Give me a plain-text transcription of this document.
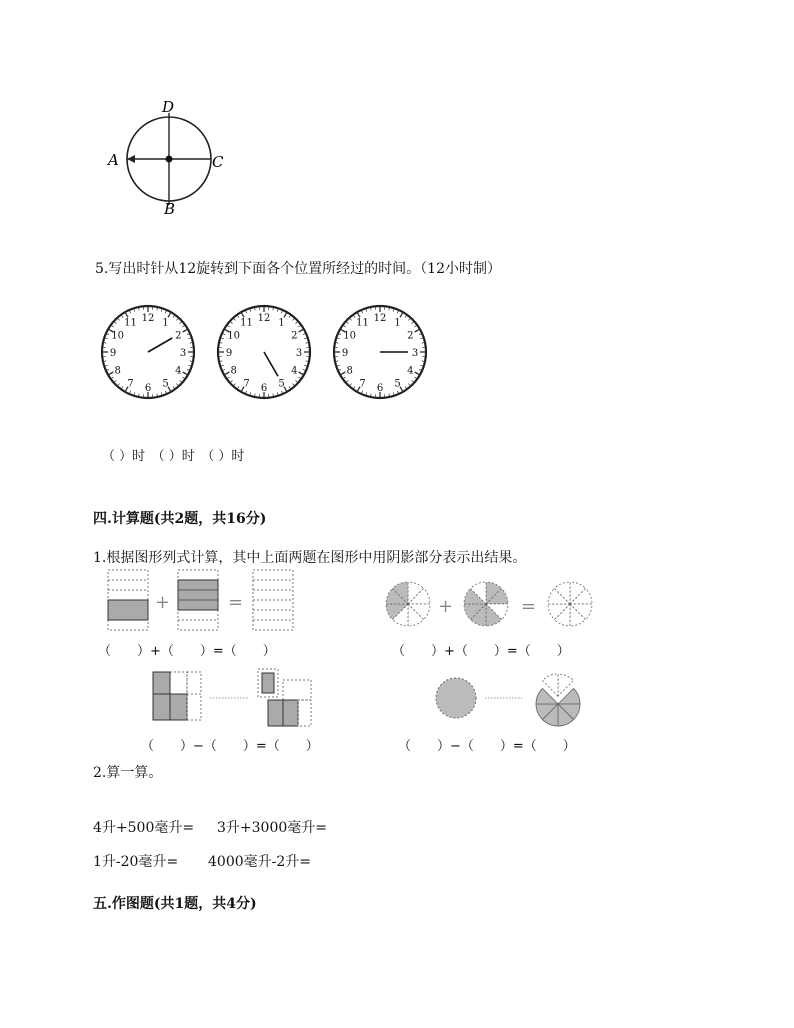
D
A	C
B
5.写出时针从12旋转到下面各个位置所经过的时间。（12小时制）
12 1
2
3
4
5
6
7
8
9
10
11	12 1
2
3
4
5
6
7
8
9
10
11	12 1
2
3
4
5
6
7
8
9
10
11
（ ）时　（ ）时　（ ）时
四.计算题(共2题，共16分)
1.根据图形列式计算，其中上面两题在图形中用阴影部分表示出结果。
+	=	+	=
（　　）+（　　）=（　　）	（　　）+（　　）=（　　）
（　　）−（　　）=（　　）	（　　）−（　　）=（　　）
2.算一算。
4升+500毫升= 3升+3000毫升=
1升-20毫升= 4000毫升-2升=
五.作图题(共1题，共4分)
